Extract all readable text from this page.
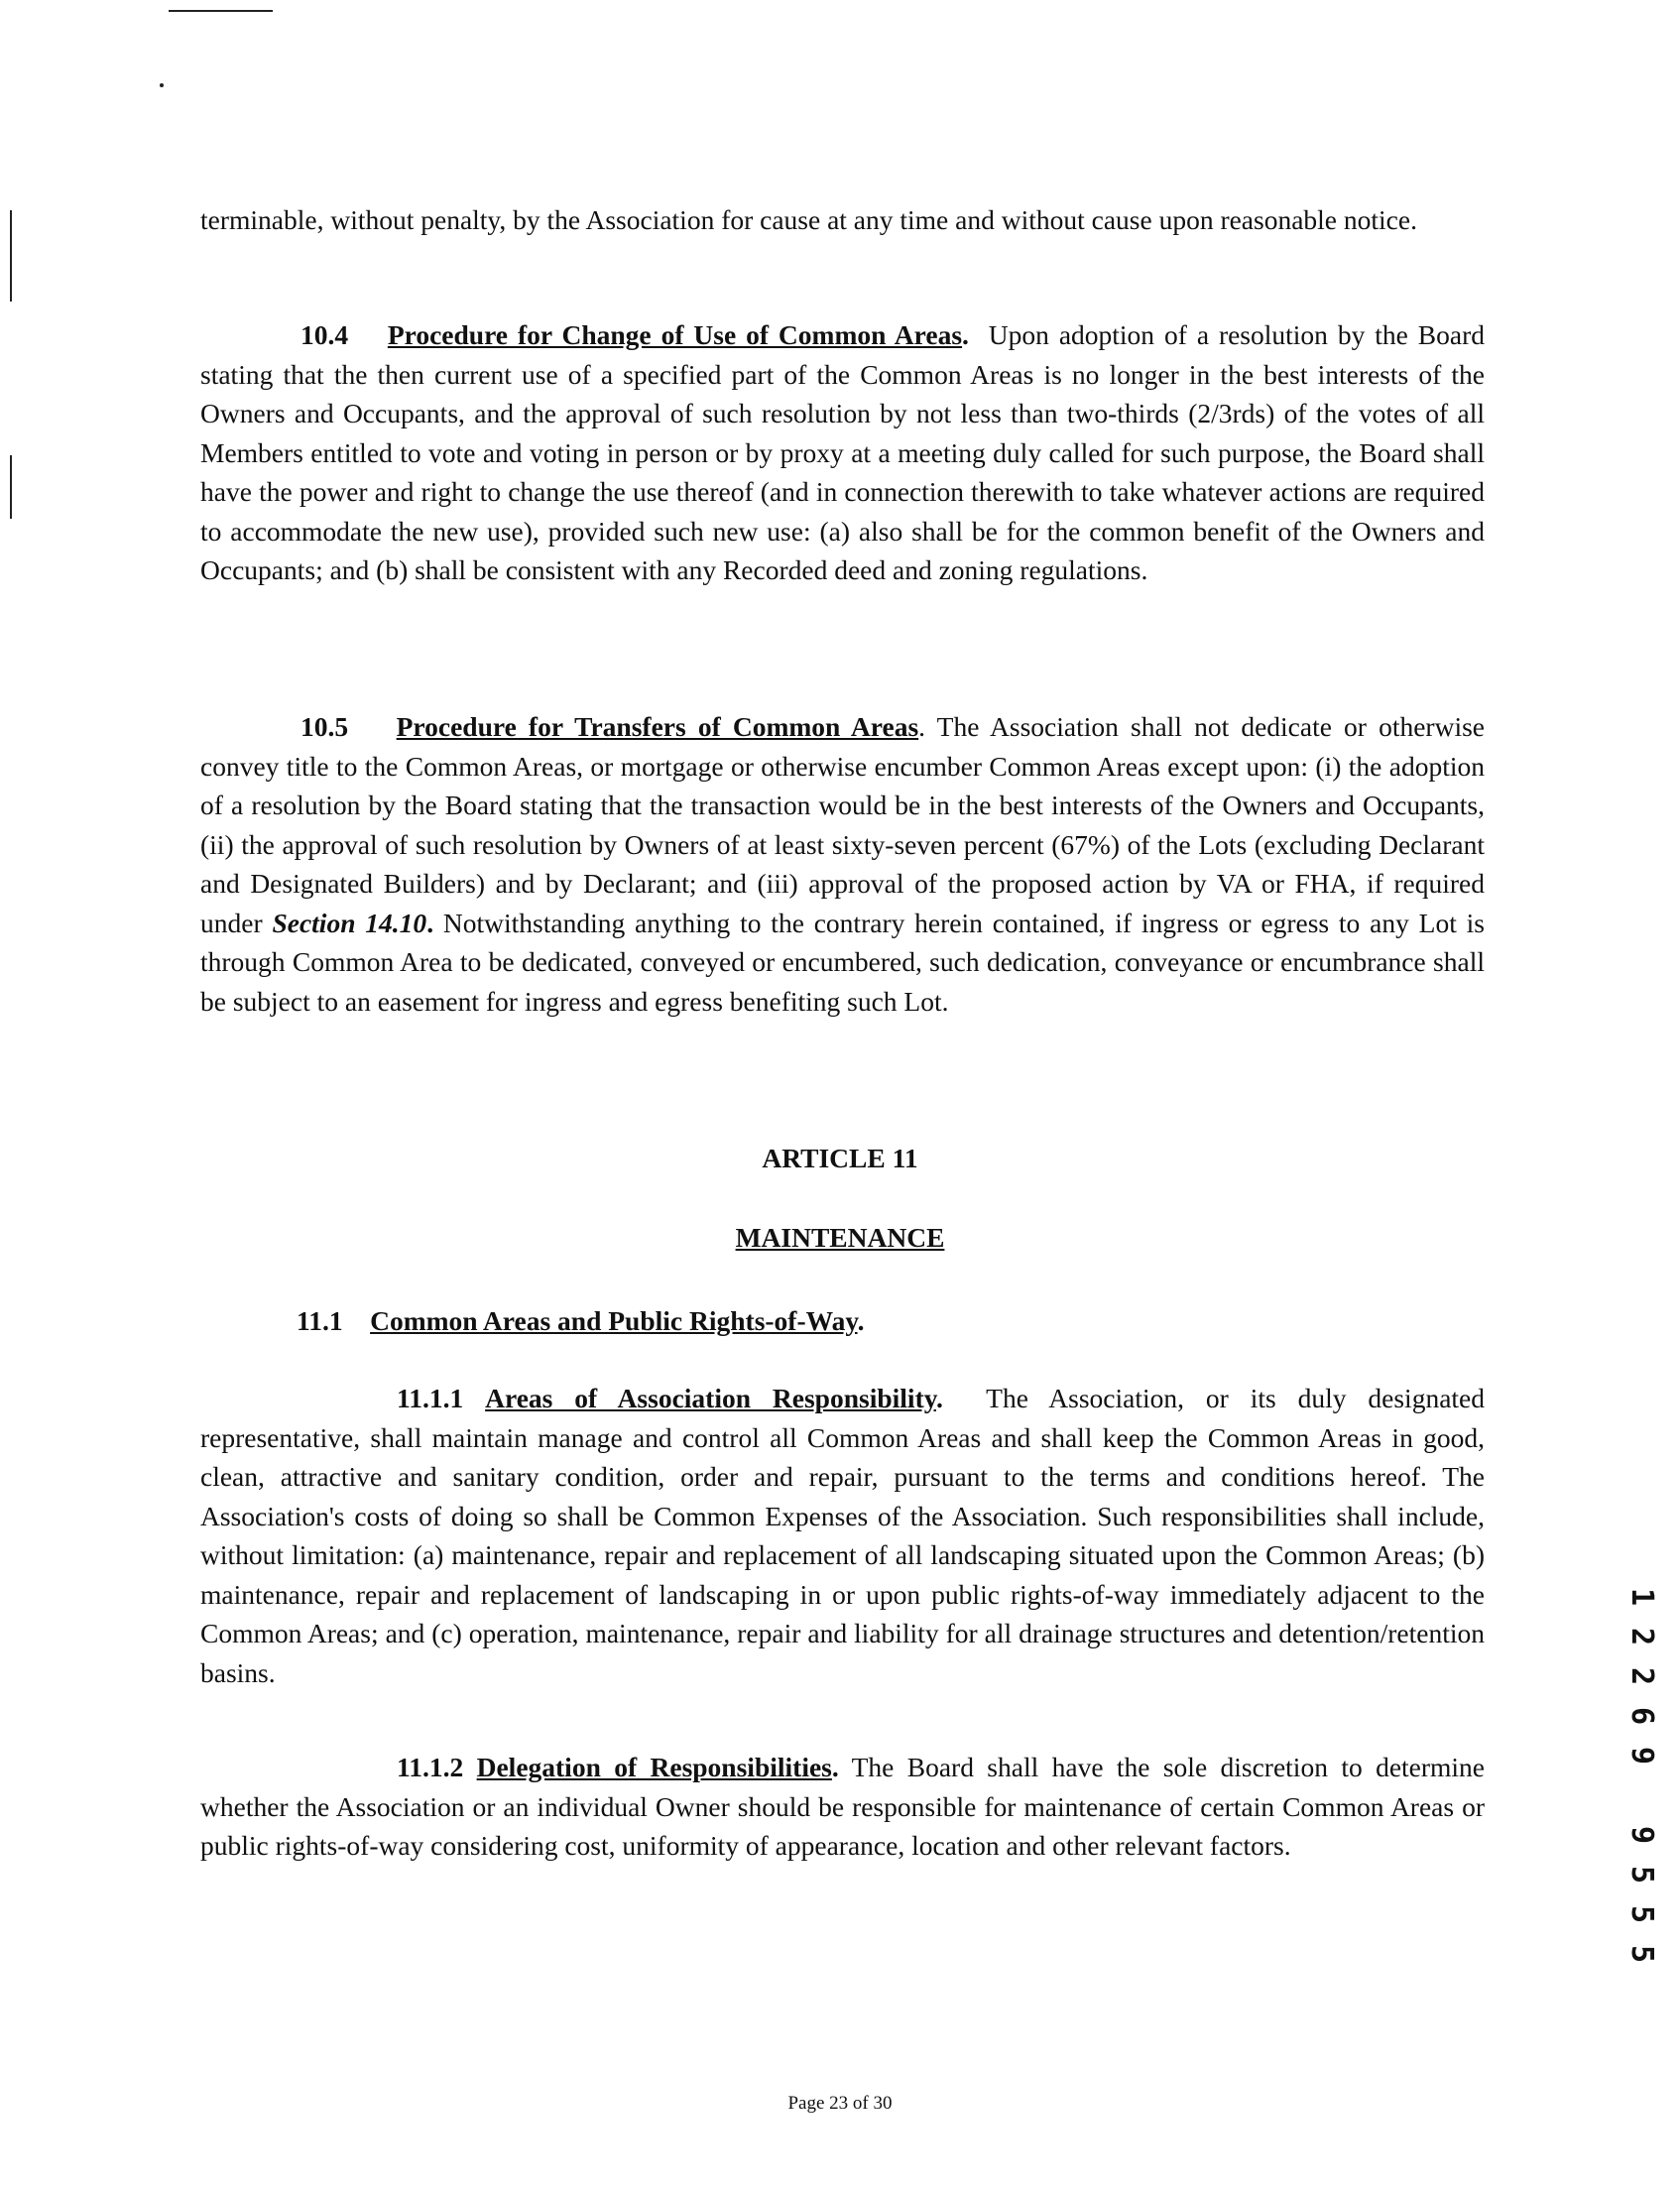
terminable, without penalty, by the Association for cause at any time and without cause upon reasonable notice.
10.4 Procedure for Change of Use of Common Areas. Upon adoption of a resolution by the Board stating that the then current use of a specified part of the Common Areas is no longer in the best interests of the Owners and Occupants, and the approval of such resolution by not less than two-thirds (2/3rds) of the votes of all Members entitled to vote and voting in person or by proxy at a meeting duly called for such purpose, the Board shall have the power and right to change the use thereof (and in connection therewith to take whatever actions are required to accommodate the new use), provided such new use: (a) also shall be for the common benefit of the Owners and Occupants; and (b) shall be consistent with any Recorded deed and zoning regulations.
10.5 Procedure for Transfers of Common Areas. The Association shall not dedicate or otherwise convey title to the Common Areas, or mortgage or otherwise encumber Common Areas except upon: (i) the adoption of a resolution by the Board stating that the transaction would be in the best interests of the Owners and Occupants, (ii) the approval of such resolution by Owners of at least sixty-seven percent (67%) of the Lots (excluding Declarant and Designated Builders) and by Declarant; and (iii) approval of the proposed action by VA or FHA, if required under Section 14.10. Notwithstanding anything to the contrary herein contained, if ingress or egress to any Lot is through Common Area to be dedicated, conveyed or encumbered, such dedication, conveyance or encumbrance shall be subject to an easement for ingress and egress benefiting such Lot.
ARTICLE 11
MAINTENANCE
11.1 Common Areas and Public Rights-of-Way.
11.1.1 Areas of Association Responsibility. The Association, or its duly designated representative, shall maintain manage and control all Common Areas and shall keep the Common Areas in good, clean, attractive and sanitary condition, order and repair, pursuant to the terms and conditions hereof. The Association's costs of doing so shall be Common Expenses of the Association. Such responsibilities shall include, without limitation: (a) maintenance, repair and replacement of all landscaping situated upon the Common Areas; (b) maintenance, repair and replacement of landscaping in or upon public rights-of-way immediately adjacent to the Common Areas; and (c) operation, maintenance, repair and liability for all drainage structures and detention/retention basins.
11.1.2 Delegation of Responsibilities. The Board shall have the sole discretion to determine whether the Association or an individual Owner should be responsible for maintenance of certain Common Areas or public rights-of-way considering cost, uniformity of appearance, location and other relevant factors.
1
2
2
6
9
9
5
5
5
Page 23 of 30
